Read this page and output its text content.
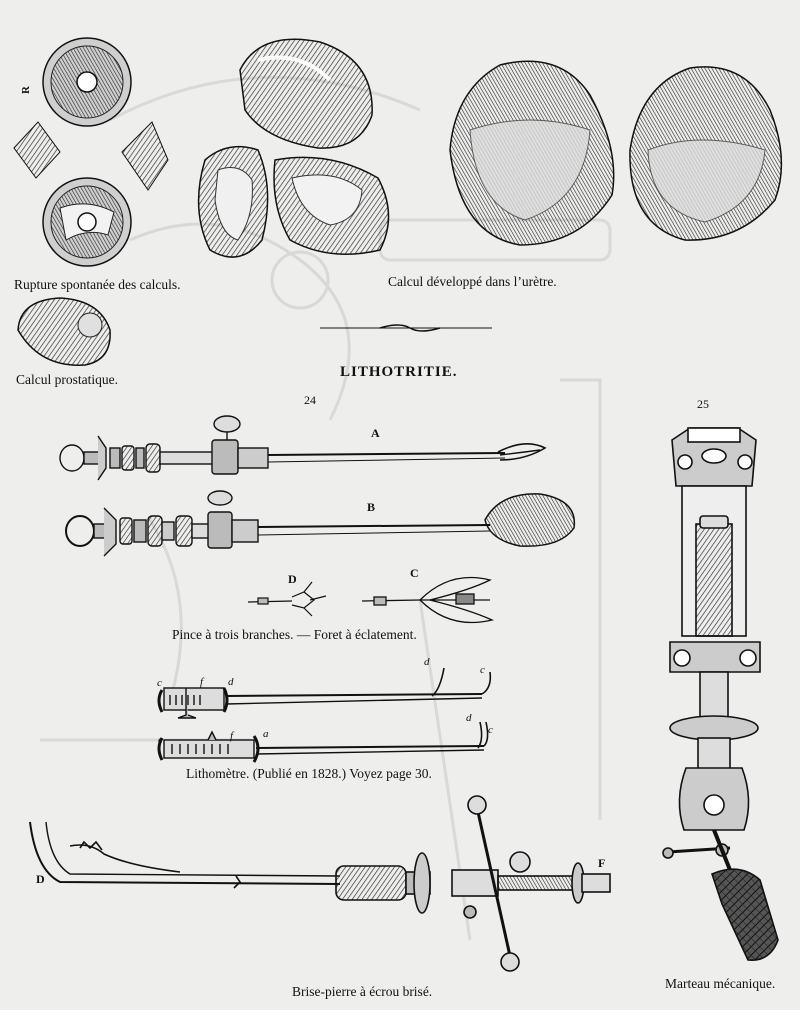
R
Rupture spontanée des calculs.	Calcul développé dans l’urètre.
Calcul prostatique.	LITHOTRITIE.
24	25
A
B
D	C
Pince à trois branches. — Foret à éclatement.
c	f d
d
c
c	f	a
d
c
Lithomètre. (Publié en 1828.) Voyez page 30.
D
F
Brise-pierre à écrou brisé.
Marteau mécanique.
